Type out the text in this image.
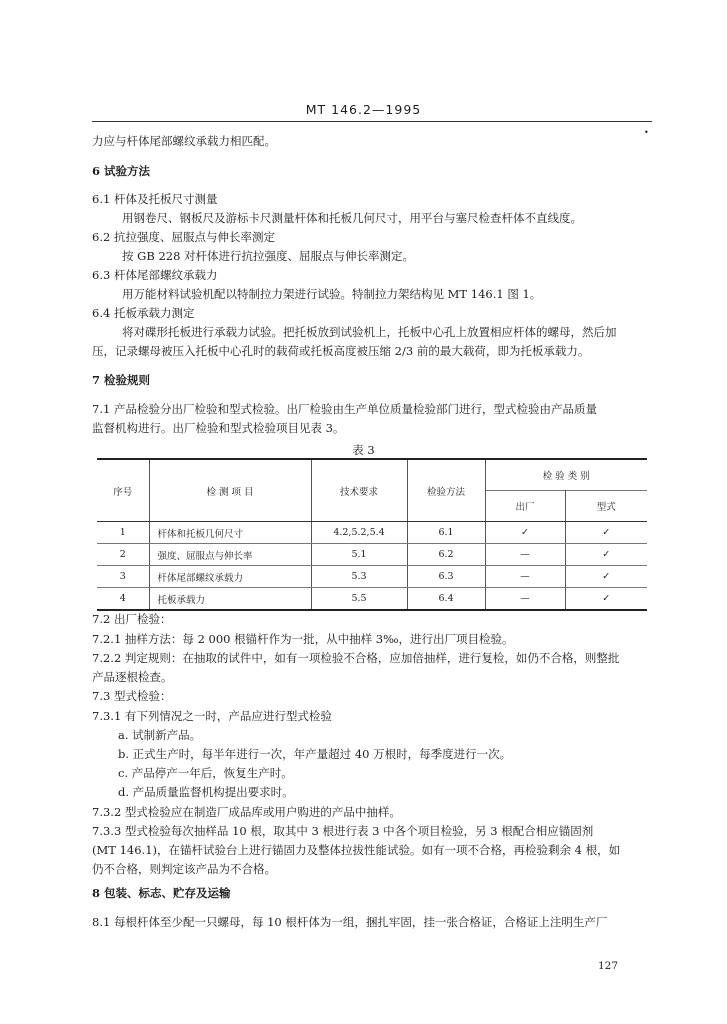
MT 146.2—1995
•
力应与杆体尾部螺纹承载力相匹配。
6 试验方法
6.1 杆体及托板尺寸测量
用钢卷尺、钢板尺及游标卡尺测量杆体和托板几何尺寸，用平台与塞尺检查杆体不直线度。
6.2 抗拉强度、屈服点与伸长率测定
按 GB 228 对杆体进行抗拉强度、屈服点与伸长率测定。
6.3 杆体尾部螺纹承载力
用万能材料试验机配以特制拉力架进行试验。特制拉力架结构见 MT 146.1 图 1。
6.4 托板承载力测定
将对碟形托板进行承载力试验。把托板放到试验机上，托板中心孔上放置相应杆体的螺母，然后加
压，记录螺母被压入托板中心孔时的载荷或托板高度被压缩 2/3 前的最大载荷，即为托板承载力。
7 检验规则
7.1 产品检验分出厂检验和型式检验。出厂检验由生产单位质量检验部门进行，型式检验由产品质量
监督机构进行。出厂检验和型式检验项目见表 3。
表 3
序号	检 测 项 目	技术要求	检验方法	检 验 类 别	
				出厂	型式
1	杆体和托板几何尺寸	4.2,5.2,5.4	6.1	✓	✓
2	强度、屈服点与伸长率	5.1	6.2	—	✓
3	杆体尾部螺纹承载力	5.3	6.3	—	✓
4	托板承载力	5.5	6.4	—	✓
7.2 出厂检验：
7.2.1 抽样方法：每 2 000 根锚杆作为一批，从中抽样 3‰，进行出厂项目检验。
7.2.2 判定规则：在抽取的试件中，如有一项检验不合格，应加倍抽样，进行复检，如仍不合格，则整批
产品逐根检查。
7.3 型式检验：
7.3.1 有下列情况之一时，产品应进行型式检验
a. 试制新产品。
b. 正式生产时，每半年进行一次，年产量超过 40 万根时，每季度进行一次。
c. 产品停产一年后，恢复生产时。
d. 产品质量监督机构提出要求时。
7.3.2 型式检验应在制造厂成品库或用户购进的产品中抽样。
7.3.3 型式检验每次抽样品 10 根，取其中 3 根进行表 3 中各个项目检验，另 3 根配合相应锚固剂
(MT 146.1)，在锚杆试验台上进行锚固力及整体拉拔性能试验。如有一项不合格，再检验剩余 4 根，如
仍不合格，则判定该产品为不合格。
8 包装、标志、贮存及运输
8.1 每根杆体至少配一只螺母，每 10 根杆体为一组，捆扎牢固，挂一张合格证，合格证上注明生产厂
127
